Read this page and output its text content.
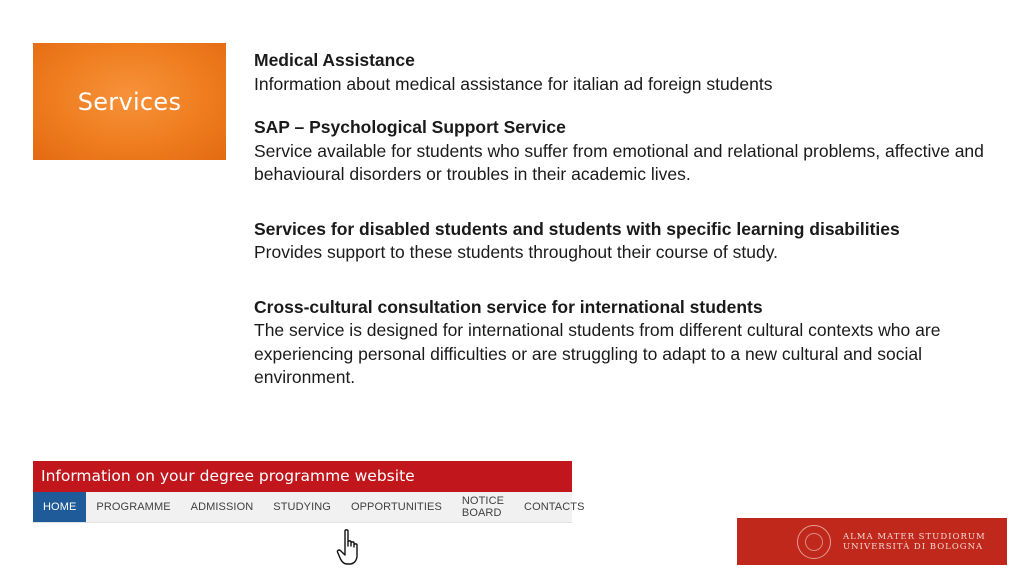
Services

Medical Assistance
Information about medical assistance for italian ad foreign students

SAP – Psychological Support Service
Service available for students who suffer from emotional and relational problems, affective and behavioural disorders or troubles in their academic lives.

Services for disabled students and students with specific learning disabilities
Provides support to these students throughout their course of study.

Cross-cultural consultation service for international students
The service is designed for international students from different cultural contexts who are experiencing personal difficulties or are struggling to adapt to a new cultural and social environment.

Information on your degree programme website
HOME	PROGRAMME	ADMISSION	STUDYING	OPPORTUNITIES	NOTICE BOARD	CONTACTS
ALMA MATER STUDIORUM
UNIVERSITÀ DI BOLOGNA
